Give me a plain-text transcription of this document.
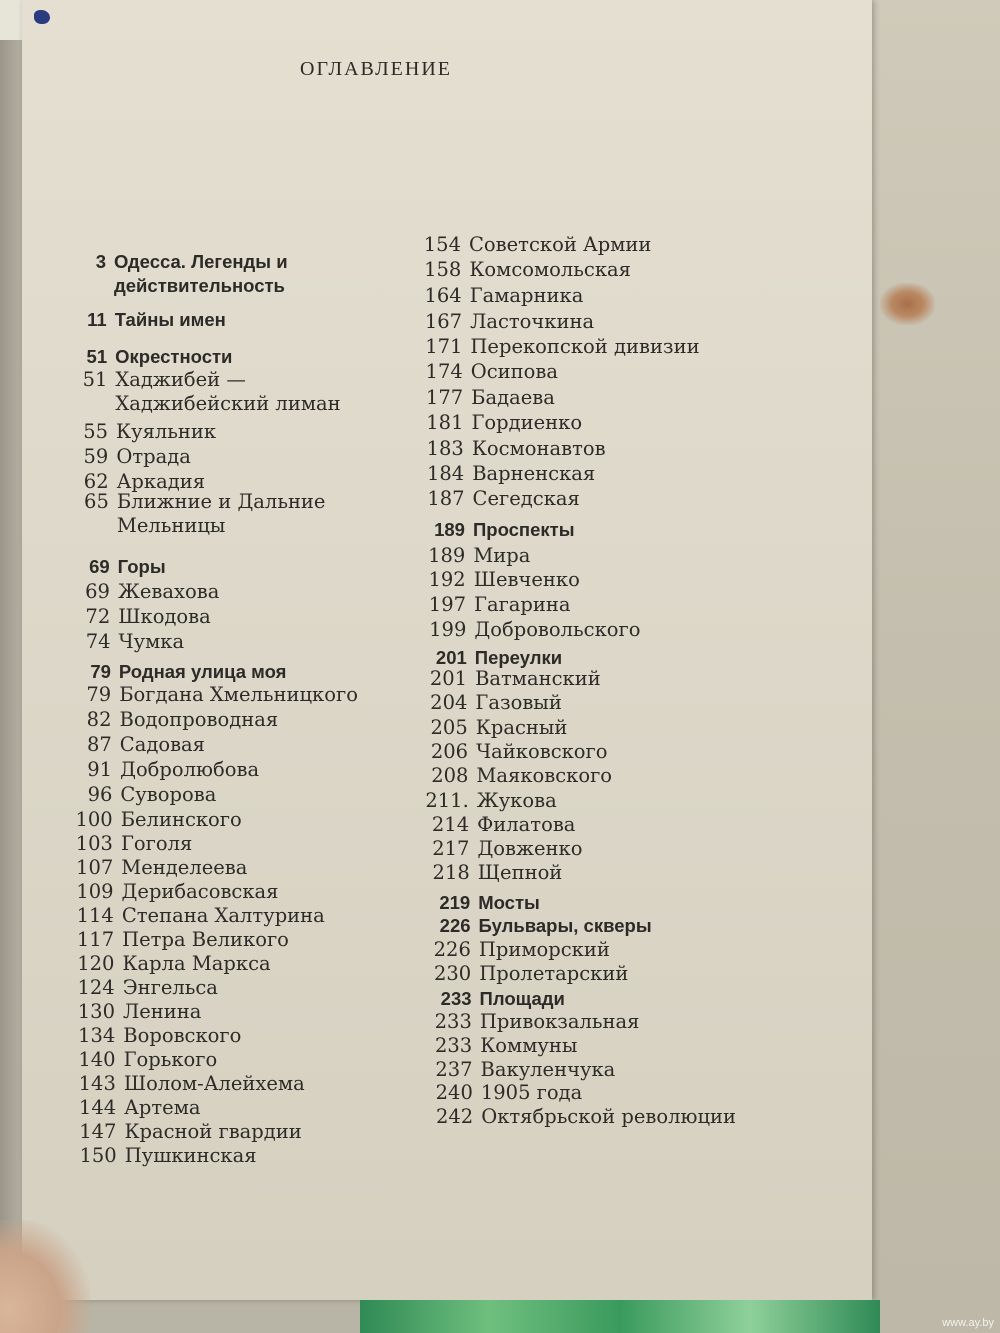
ОГЛАВЛЕНИЕ
3 Одесса. Легенды и действительность
11 Тайны имен
51 Окрестности
51 Хаджибей — Хаджибейский лиман
55 Куяльник
59 Отрада
62 Аркадия
65 Ближние и Дальние Мельницы
69 Горы
69 Жевахова
72 Шкодова
74 Чумка
79 Родная улица моя
79 Богдана Хмельницкого
82 Водопроводная
87 Садовая
91 Добролюбова
96 Суворова
100 Белинского
103 Гоголя
107 Менделеева
109 Дерибасовская
114 Степана Халтурина
117 Петра Великого
120 Карла Маркса
124 Энгельса
130 Ленина
134 Воровского
140 Горького
143 Шолом-Алейхема
144 Артема
147 Красной гвардии
150 Пушкинская
154 Советской Армии
158 Комсомольская
164 Гамарника
167 Ласточкина
171 Перекопской дивизии
174 Осипова
177 Бадаева
181 Гордиенко
183 Космонавтов
184 Варненская
187 Сегедская
189 Проспекты
189 Мира
192 Шевченко
197 Гагарина
199 Добровольского
201 Переулки
201 Ватманский
204 Газовый
205 Красный
206 Чайковского
208 Маяковского
211. Жукова
214 Филатова
217 Довженко
218 Щепной
219 Мосты
226 Бульвары, скверы
226 Приморский
230 Пролетарский
233 Площади
233 Привокзальная
233 Коммуны
237 Вакуленчука
240 1905 года
242 Октябрьской революции
www.ay.by
